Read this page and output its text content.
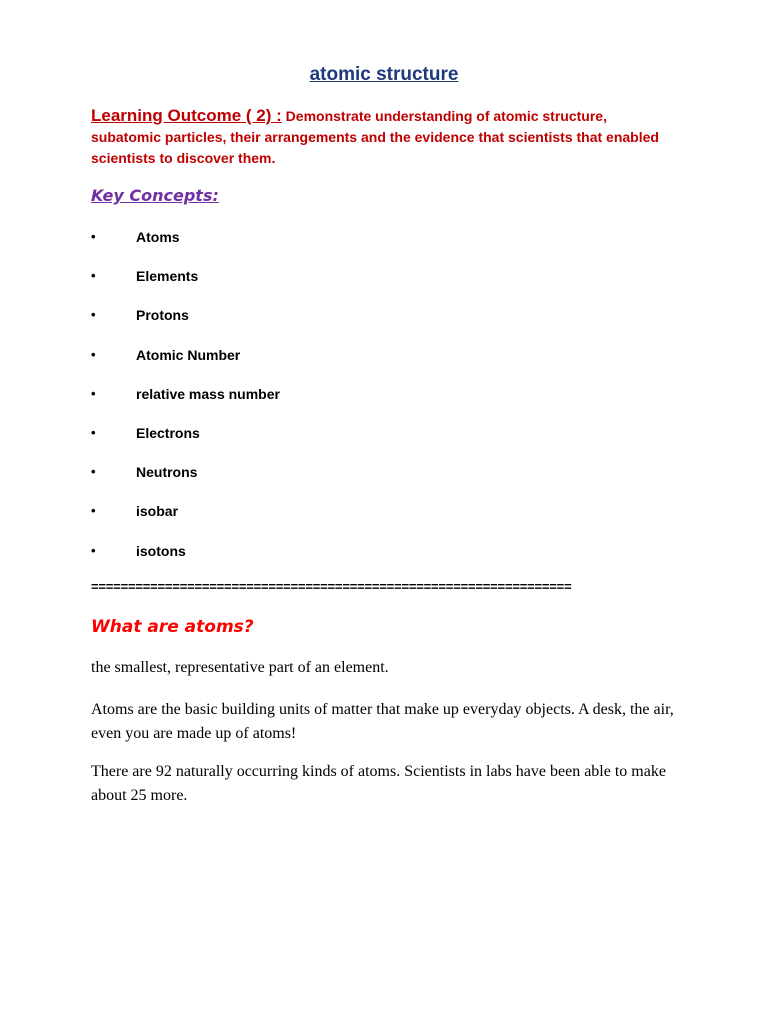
atomic structure
Learning Outcome ( 2) : Demonstrate understanding of atomic structure, subatomic particles, their arrangements and the evidence that scientists that enabled scientists to discover them.
Key Concepts:
•	Atoms
•	Elements
•	Protons
•	Atomic Number
•	relative mass number
•	Electrons
•	Neutrons
•	isobar
•	isotons
=================================================================
What are atoms?

the smallest, representative part of an element.

Atoms are the basic building units of matter that make up everyday objects. A desk, the air, even you are made up of atoms!

There are 92 naturally occurring kinds of atoms. Scientists in labs have been able to make about 25 more.
